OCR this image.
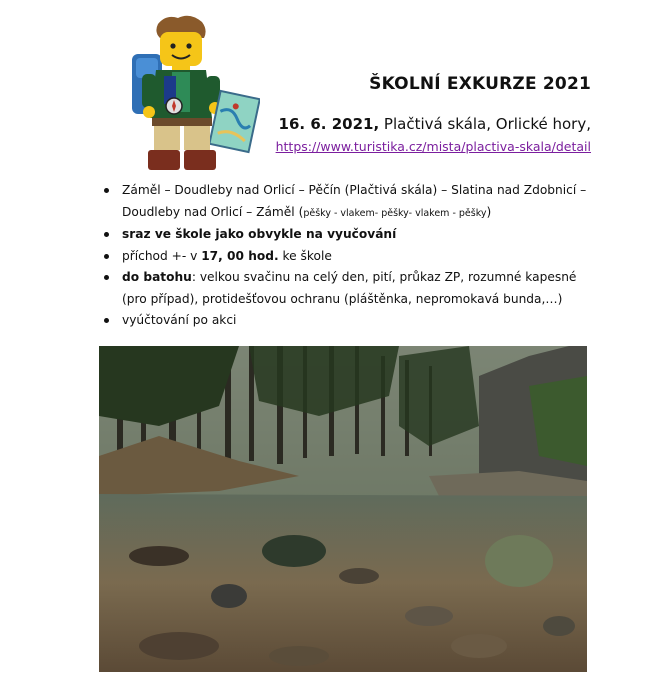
ŠKOLNÍ EXKURZE 2021
16. 6. 2021, Plačtivá skála, Orlické hory,
https://www.turistika.cz/mista/plactiva-skala/detail
Záměl – Doudleby nad Orlicí – Pěčín (Plačtivá skála) – Slatina nad Zdobnicí – Doudleby nad Orlicí – Záměl (pěšky - vlakem- pěšky- vlakem - pěšky)
sraz ve škole jako obvykle na vyučování
příchod +- v 17, 00 hod. ke škole
do batohu: velkou svačinu na celý den, pití, průkaz ZP, rozumné kapesné (pro případ), protidešťovou ochranu (pláštěnka, nepromokavá bunda,…)
vyúčtování po akci
